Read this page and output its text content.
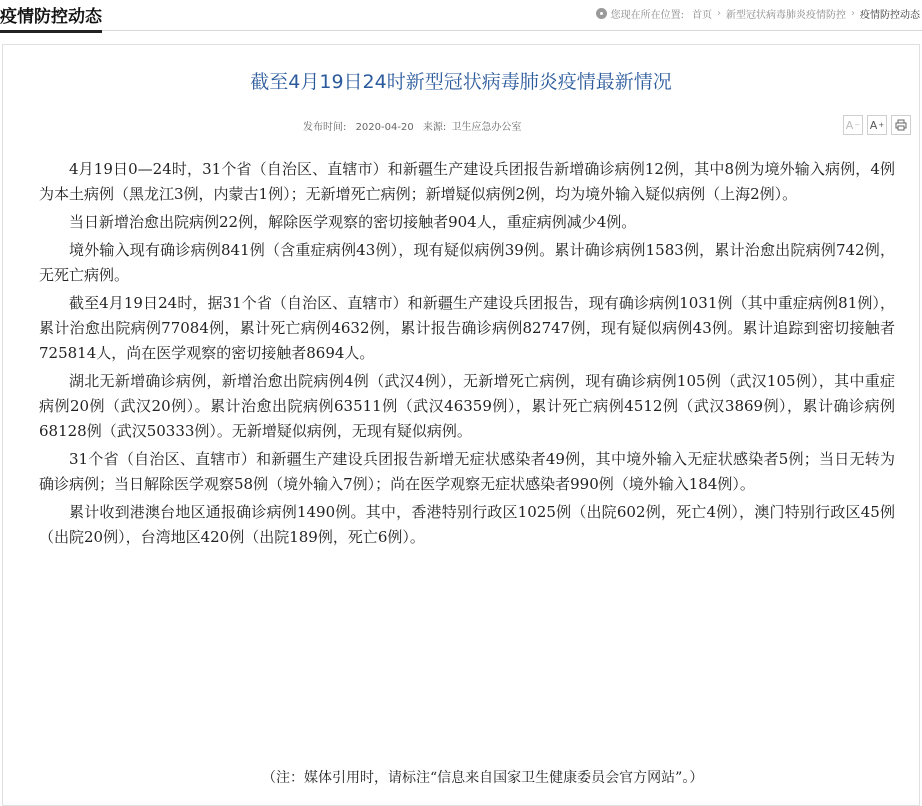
疫情防控动态	您现在所在位置: 首页 › 新型冠状病毒肺炎疫情防控 › 疫情防控动态
截至4月19日24时新型冠状病毒肺炎疫情最新情况
发布时间: 2020-04-20 来源: 卫生应急办公室	A − A +

4月19日0—24时，31个省（自治区、直辖市）和新疆生产建设兵团报告新增确诊病例12例，其中8例为境外输入病例，4例为本土病例（黑龙江3例，内蒙古1例）；无新增死亡病例；新增疑似病例2例，均为境外输入疑似病例（上海2例）。

当日新增治愈出院病例22例，解除医学观察的密切接触者904人，重症病例减少4例。

境外输入现有确诊病例841例（含重症病例43例），现有疑似病例39例。累计确诊病例1583例，累计治愈出院病例742例，无死亡病例。

截至4月19日24时，据31个省（自治区、直辖市）和新疆生产建设兵团报告，现有确诊病例1031例（其中重症病例81例），累计治愈出院病例77084例，累计死亡病例4632例，累计报告确诊病例82747例，现有疑似病例43例。累计追踪到密切接触者725814人，尚在医学观察的密切接触者8694人。

湖北无新增确诊病例，新增治愈出院病例4例（武汉4例），无新增死亡病例，现有确诊病例105例（武汉105例），其中重症病例20例（武汉20例）。累计治愈出院病例63511例（武汉46359例），累计死亡病例4512例（武汉3869例），累计确诊病例68128例（武汉50333例）。无新增疑似病例，无现有疑似病例。

31个省（自治区、直辖市）和新疆生产建设兵团报告新增无症状感染者49例，其中境外输入无症状感染者5例；当日无转为确诊病例；当日解除医学观察58例（境外输入7例）；尚在医学观察无症状感染者990例（境外输入184例）。

累计收到港澳台地区通报确诊病例1490例。其中，香港特别行政区1025例（出院602例，死亡4例），澳门特别行政区45例（出院20例），台湾地区420例（出院189例，死亡6例）。

（注：媒体引用时，请标注“信息来自国家卫生健康委员会官方网站”。）
